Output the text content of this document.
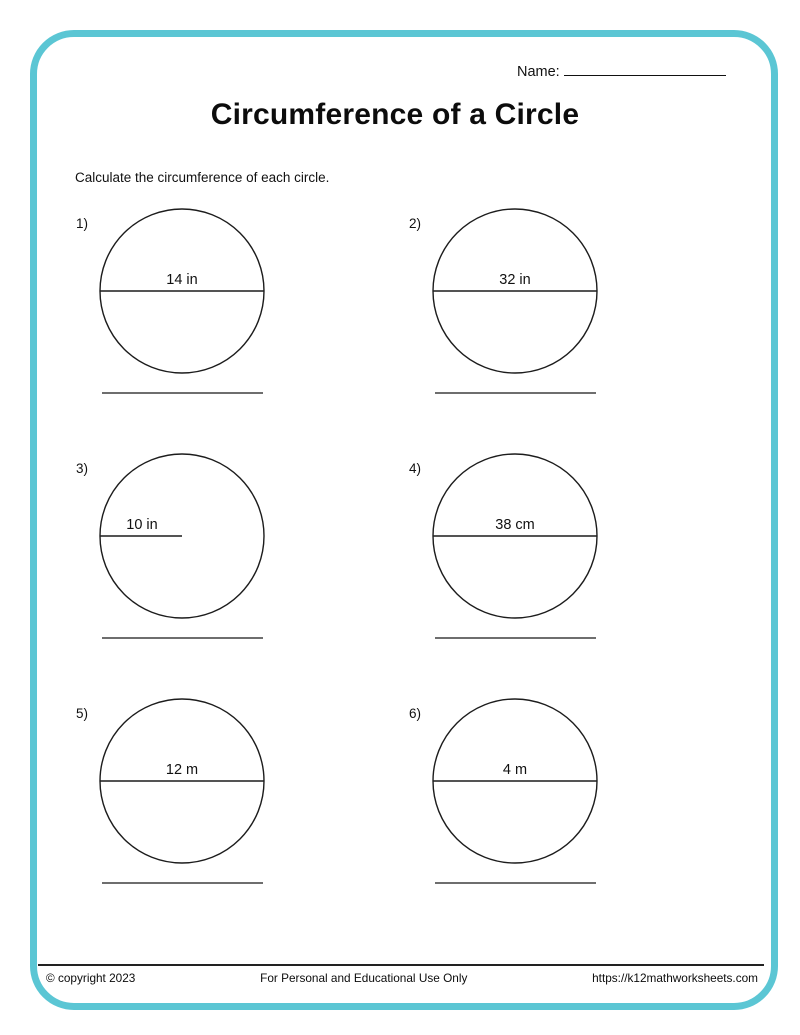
Name:
Circumference of a Circle
Calculate the circumference of each circle.
1)
14 in
2)
32 in
3)
10 in
4)
38 cm
5)
12 m
6)
4 m
© copyright 2023	For Personal and Educational Use Only	https://k12mathworksheets.com
